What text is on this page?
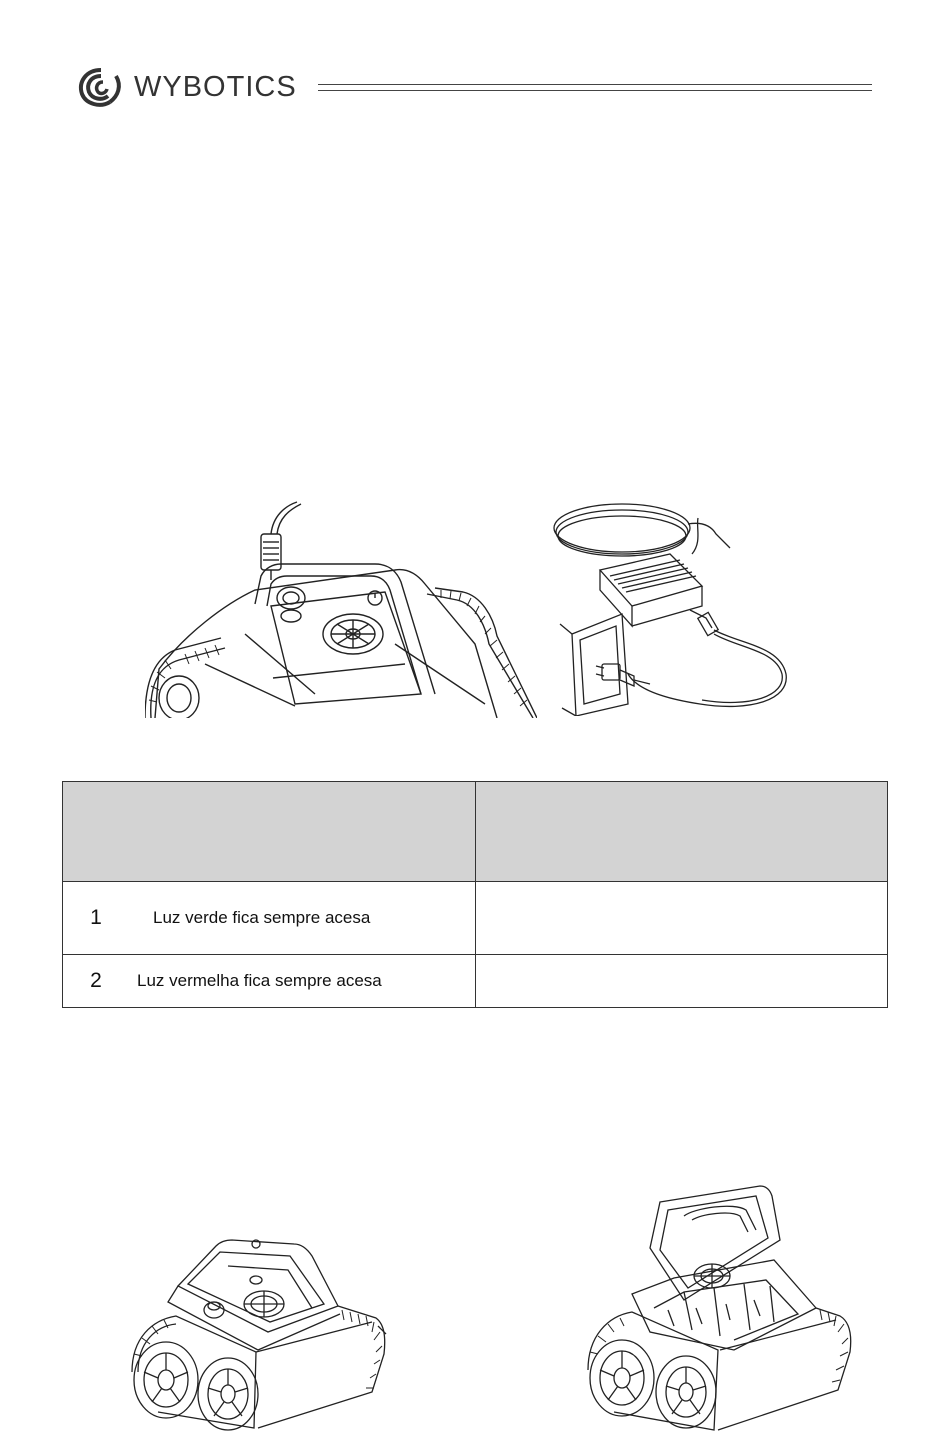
WYBOTICS

1 Luz verde fica sempre acesa	
2 Luz vermelha fica sempre acesa	
